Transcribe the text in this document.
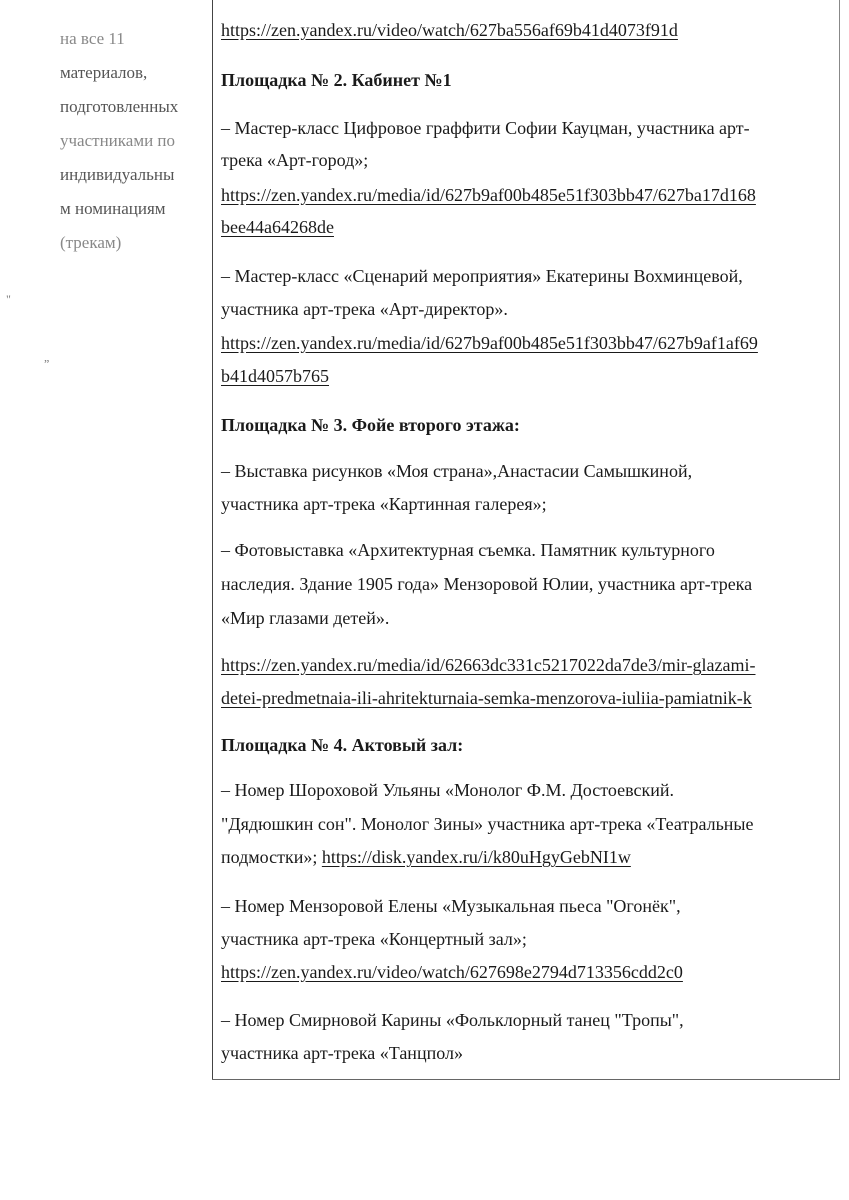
на все 11
материалов,
подготовленных
участниками по
индивидуальны
м номинациям
(трекам)
"
„
https://zen.yandex.ru/video/watch/627ba556af69b41d4073f91d
Площадка № 2. Кабинет №1
– Мастер-класс Цифровое граффити Софии Кауцман, участника арт-
трека «Арт-город»;
https://zen.yandex.ru/media/id/627b9af00b485e51f303bb47/627ba17d168
bee44a64268de
– Мастер-класс «Сценарий мероприятия» Екатерины Вохминцевой,
участника арт-трека «Арт-директор».
https://zen.yandex.ru/media/id/627b9af00b485e51f303bb47/627b9af1af69
b41d4057b765
Площадка № 3. Фойе второго этажа:
– Выставка рисунков «Моя страна»,Анастасии Самышкиной,
участника арт-трека «Картинная галерея»;
– Фотовыставка «Архитектурная съемка. Памятник культурного
наследия. Здание 1905 года» Мензоровой Юлии, участника арт-трека
«Мир глазами детей».
https://zen.yandex.ru/media/id/62663dc331c5217022da7de3/mir-glazami-
detei-predmetnaia-ili-ahritekturnaia-semka-menzorova-iuliia-pamiatnik-k
Площадка № 4. Актовый зал:
– Номер Шороховой Ульяны «Монолог Ф.М. Достоевский.
"Дядюшкин сон". Монолог Зины» участника арт-трека «Театральные
подмостки»; https://disk.yandex.ru/i/k80uHgyGebNI1w
– Номер Мензоровой Елены «Музыкальная пьеса "Огонёк",
участника арт-трека «Концертный зал»;
https://zen.yandex.ru/video/watch/627698e2794d713356cdd2c0
– Номер Смирновой Карины «Фольклорный танец "Тропы",
участника арт-трека «Танцпол»
